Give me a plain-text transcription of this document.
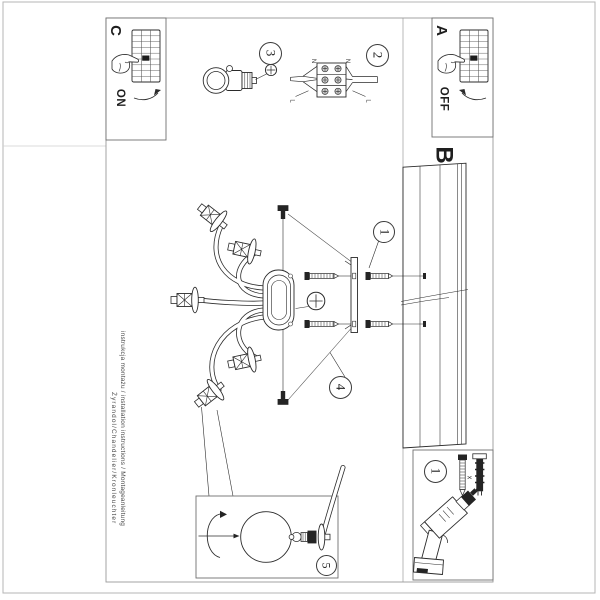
C
ON
A
OFF
B
3	2
1
4
5
1
N	N
L	L
x
instrukcja montażu / installation instructions / Montageanleitung
Żyrandol/Chandelier/Kronleuchter
